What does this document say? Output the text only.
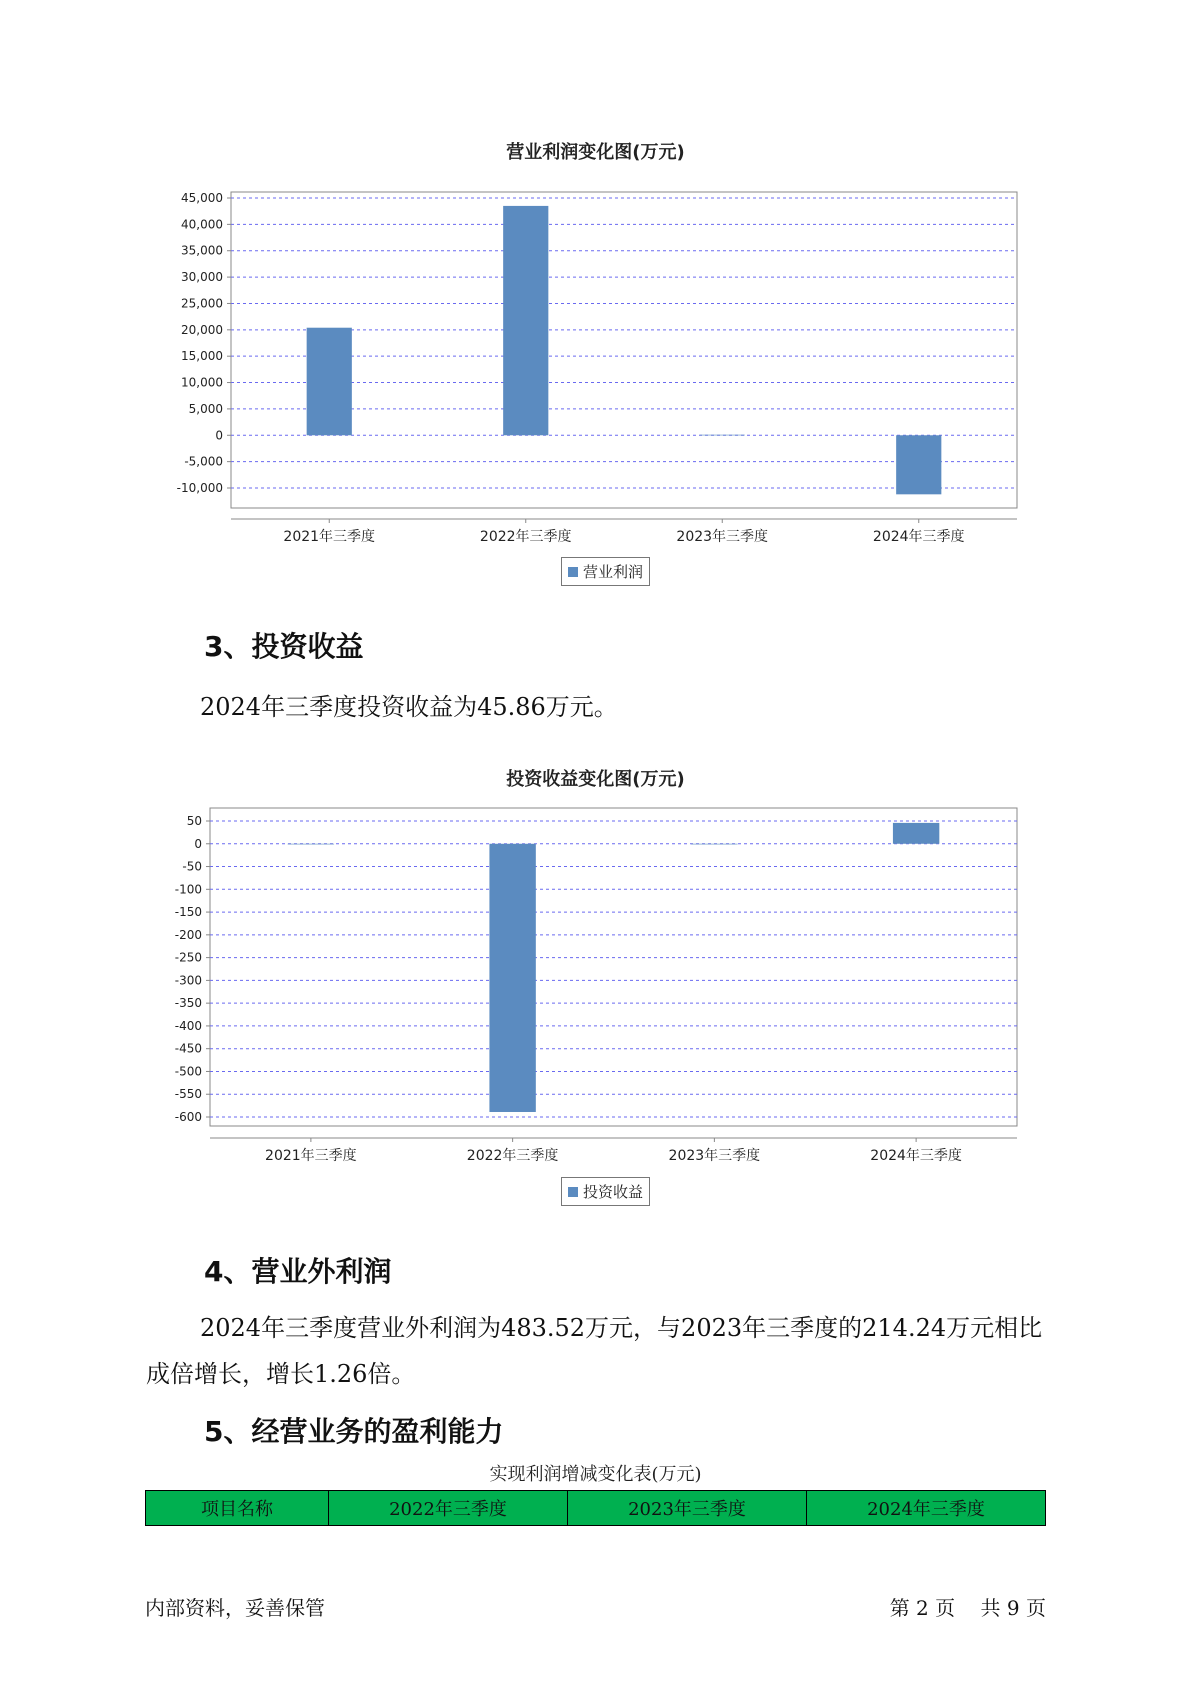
营业利润变化图(万元)
45,000
40,000
35,000
30,000
25,000
20,000
15,000
10,000
5,000
0
-5,000
-10,000
2021年三季度	2022年三季度	2023年三季度	2024年三季度
营业利润
3、投资收益
2024年三季度投资收益为45.86万元。
投资收益变化图(万元)
50
0
-50
-100
-150
-200
-250
-300
-350
-400
-450
-500
-550
-600
2021年三季度	2022年三季度	2023年三季度	2024年三季度
投资收益
4、营业外利润
2024年三季度营业外利润为483.52万元，与2023年三季度的214.24万元相比成倍增长，增长1.26倍。
5、经营业务的盈利能力
实现利润增减变化表(万元)
项目名称	2022年三季度	2023年三季度	2024年三季度
内部资料，妥善保管	第 2 页    共 9 页
